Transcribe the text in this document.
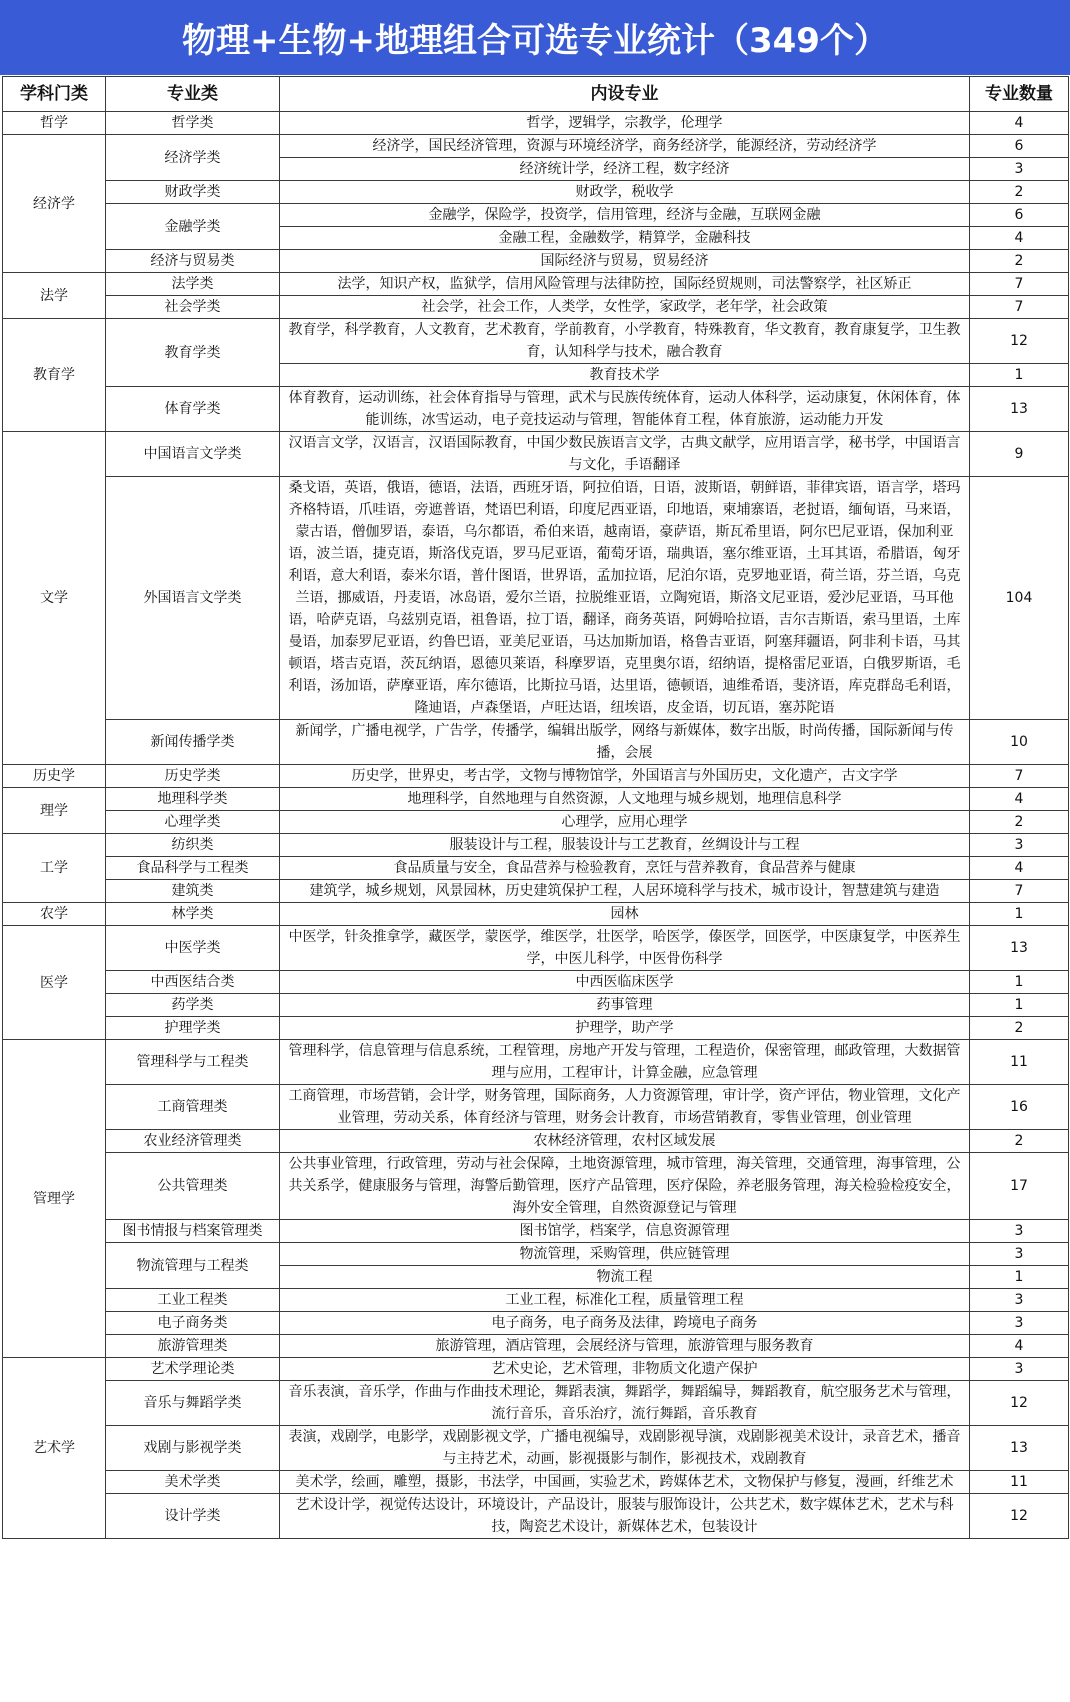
物理+生物+地理组合可选专业统计（349个）
学科门类	专业类	内设专业	专业数量
哲学	哲学类	哲学，逻辑学，宗教学，伦理学	4
经济学	经济学类	经济学，国民经济管理，资源与环境经济学，商务经济学，能源经济，劳动经济学	6
		经济统计学，经济工程，数字经济	3
	财政学类	财政学，税收学	2
	金融学类	金融学，保险学，投资学，信用管理，经济与金融，互联网金融	6
		金融工程，金融数学，精算学，金融科技	4
	经济与贸易类	国际经济与贸易，贸易经济	2
法学	法学类	法学，知识产权，监狱学，信用风险管理与法律防控，国际经贸规则，司法警察学，社区矫正	7
	社会学类	社会学，社会工作，人类学，女性学，家政学，老年学，社会政策	7
教育学	教育学类	教育学，科学教育，人文教育，艺术教育，学前教育，小学教育，特殊教育，华文教育，教育康复学，卫生教育，认知科学与技术，融合教育	12
		教育技术学	1
	体育学类	体育教育，运动训练，社会体育指导与管理，武术与民族传统体育，运动人体科学，运动康复，休闲体育，体能训练，冰雪运动，电子竞技运动与管理，智能体育工程，体育旅游，运动能力开发	13
文学	中国语言文学类	汉语言文学，汉语言，汉语国际教育，中国少数民族语言文学，古典文献学，应用语言学，秘书学，中国语言与文化，手语翻译	9
	外国语言文学类	桑戈语，英语，俄语，德语，法语，西班牙语，阿拉伯语，日语，波斯语，朝鲜语，菲律宾语，语言学，塔玛齐格特语，爪哇语，旁遮普语，梵语巴利语，印度尼西亚语，印地语，柬埔寨语，老挝语，缅甸语，马来语，蒙古语，僧伽罗语，泰语，乌尔都语，希伯来语，越南语，豪萨语，斯瓦希里语，阿尔巴尼亚语，保加利亚语，波兰语，捷克语，斯洛伐克语，罗马尼亚语，葡萄牙语，瑞典语，塞尔维亚语，土耳其语，希腊语，匈牙利语，意大利语，泰米尔语，普什图语，世界语，孟加拉语，尼泊尔语，克罗地亚语，荷兰语，芬兰语，乌克兰语，挪威语，丹麦语，冰岛语，爱尔兰语，拉脱维亚语，立陶宛语，斯洛文尼亚语，爱沙尼亚语，马耳他语，哈萨克语，乌兹别克语，祖鲁语，拉丁语，翻译，商务英语，阿姆哈拉语，吉尔吉斯语，索马里语，土库曼语，加泰罗尼亚语，约鲁巴语，亚美尼亚语，马达加斯加语，格鲁吉亚语，阿塞拜疆语，阿非利卡语，马其顿语，塔吉克语，茨瓦纳语，恩德贝莱语，科摩罗语，克里奥尔语，绍纳语，提格雷尼亚语，白俄罗斯语，毛利语，汤加语，萨摩亚语，库尔德语，比斯拉马语，达里语，德顿语，迪维希语，斐济语，库克群岛毛利语，隆迪语，卢森堡语，卢旺达语，纽埃语，皮金语，切瓦语，塞苏陀语	104
	新闻传播学类	新闻学，广播电视学，广告学，传播学，编辑出版学，网络与新媒体，数字出版，时尚传播，国际新闻与传播，会展	10
历史学	历史学类	历史学，世界史，考古学，文物与博物馆学，外国语言与外国历史，文化遗产，古文字学	7
理学	地理科学类	地理科学，自然地理与自然资源，人文地理与城乡规划，地理信息科学	4
	心理学类	心理学，应用心理学	2
工学	纺织类	服装设计与工程，服装设计与工艺教育，丝绸设计与工程	3
	食品科学与工程类	食品质量与安全，食品营养与检验教育，烹饪与营养教育，食品营养与健康	4
	建筑类	建筑学，城乡规划，风景园林，历史建筑保护工程，人居环境科学与技术，城市设计，智慧建筑与建造	7
农学	林学类	园林	1
医学	中医学类	中医学，针灸推拿学，藏医学，蒙医学，维医学，壮医学，哈医学，傣医学，回医学，中医康复学，中医养生学，中医儿科学，中医骨伤科学	13
	中西医结合类	中西医临床医学	1
	药学类	药事管理	1
	护理学类	护理学，助产学	2
管理学	管理科学与工程类	管理科学，信息管理与信息系统，工程管理，房地产开发与管理，工程造价，保密管理，邮政管理，大数据管理与应用，工程审计，计算金融，应急管理	11
	工商管理类	工商管理，市场营销，会计学，财务管理，国际商务，人力资源管理，审计学，资产评估，物业管理，文化产业管理，劳动关系，体育经济与管理，财务会计教育，市场营销教育，零售业管理，创业管理	16
	农业经济管理类	农林经济管理，农村区域发展	2
	公共管理类	公共事业管理，行政管理，劳动与社会保障，土地资源管理，城市管理，海关管理，交通管理，海事管理，公共关系学，健康服务与管理，海警后勤管理，医疗产品管理，医疗保险，养老服务管理，海关检验检疫安全，海外安全管理，自然资源登记与管理	17
	图书情报与档案管理类	图书馆学，档案学，信息资源管理	3
	物流管理与工程类	物流管理，采购管理，供应链管理	3
		物流工程	1
	工业工程类	工业工程，标准化工程，质量管理工程	3
	电子商务类	电子商务，电子商务及法律，跨境电子商务	3
	旅游管理类	旅游管理，酒店管理，会展经济与管理，旅游管理与服务教育	4
艺术学	艺术学理论类	艺术史论，艺术管理，非物质文化遗产保护	3
	音乐与舞蹈学类	音乐表演，音乐学，作曲与作曲技术理论，舞蹈表演，舞蹈学，舞蹈编导，舞蹈教育，航空服务艺术与管理，流行音乐，音乐治疗，流行舞蹈，音乐教育	12
	戏剧与影视学类	表演，戏剧学，电影学，戏剧影视文学，广播电视编导，戏剧影视导演，戏剧影视美术设计，录音艺术，播音与主持艺术，动画，影视摄影与制作，影视技术，戏剧教育	13
	美术学类	美术学，绘画，雕塑，摄影，书法学，中国画，实验艺术，跨媒体艺术，文物保护与修复，漫画，纤维艺术	11
	设计学类	艺术设计学，视觉传达设计，环境设计，产品设计，服装与服饰设计，公共艺术，数字媒体艺术，艺术与科技，陶瓷艺术设计，新媒体艺术，包装设计	12
